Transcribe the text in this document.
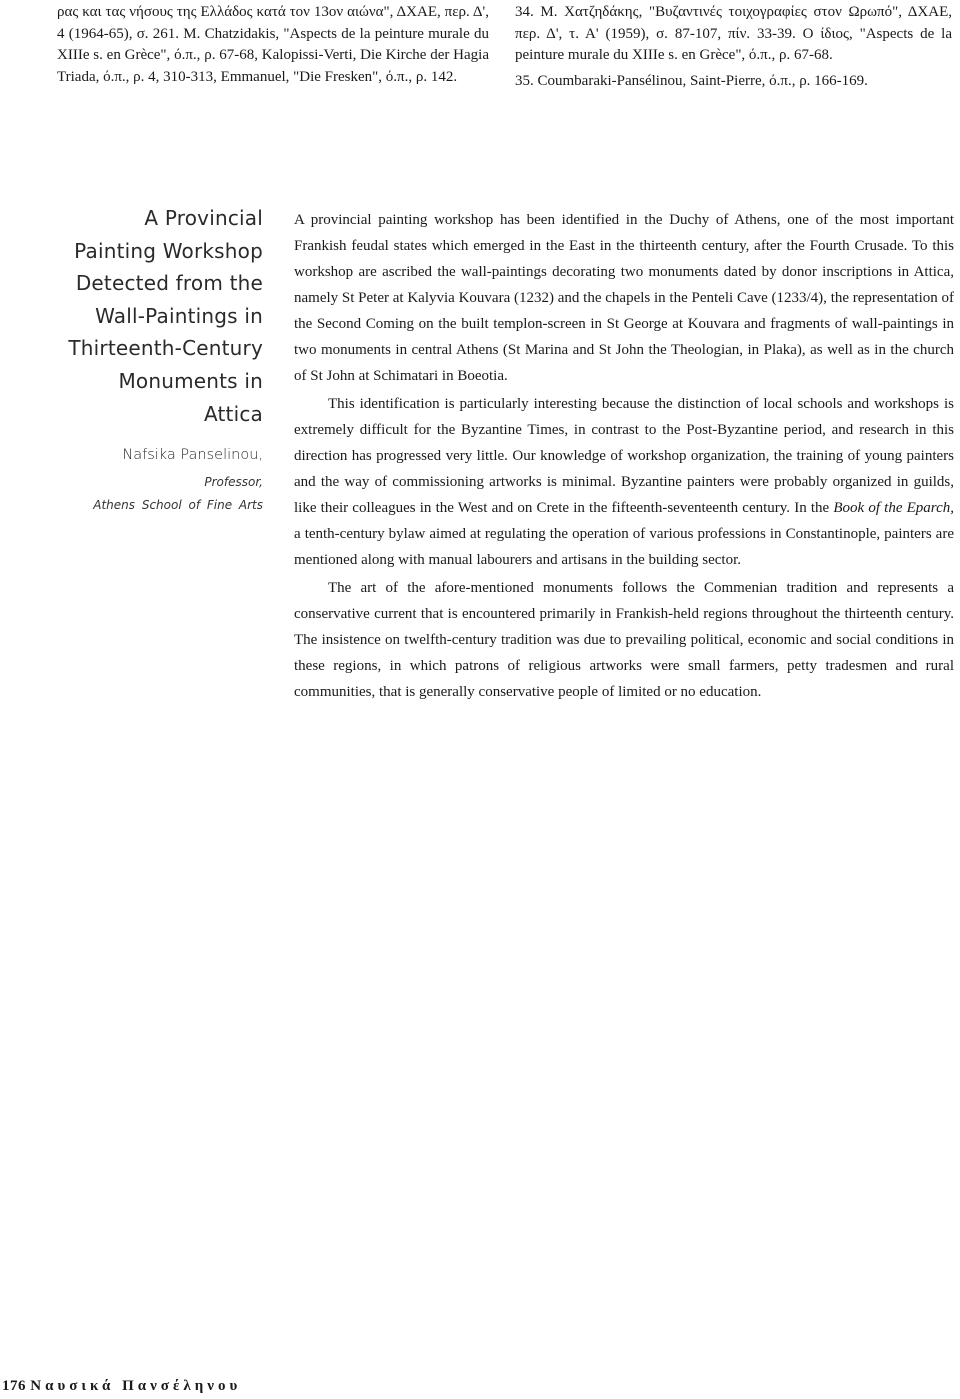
ρας και τας νήσους της Ελλάδος κατά τον 13ον αιώνα", ΔΧΑΕ, περ. Δ', 4 (1964-65), σ. 261. Μ. Chatzidakis, "Aspects de la peinture murale du XIIIe s. en Grèce", ό.π., ρ. 67-68, Kalopissi-Verti, Die Kirche der Hagia Triada, ό.π., ρ. 4, 310-313, Emmanuel, "Die Fresken", ό.π., ρ. 142.

34. Μ. Χατζηδάκης, "Βυζαντινές τοιχογραφίες στον Ωρωπό", ΔΧΑΕ, περ. Δ', τ. Α' (1959), σ. 87-107, πίν. 33-39. Ο ίδιος, "Aspects de la peinture murale du XIIIe s. en Grèce", ό.π., ρ. 67-68.

35. Coumbaraki-Pansélinou, Saint-Pierre, ό.π., ρ. 166-169.

A Provincial Painting Workshop Detected from the Wall-Paintings in Thirteenth-Century Monuments in Attica

Nafsika Panselinou,

Professor,

Athens School of Fine Arts

A provincial painting workshop has been identified in the Duchy of Athens, one of the most important Frankish feudal states which emerged in the East in the thirteenth century, after the Fourth Crusade. To this workshop are ascribed the wall-paintings decorating two monuments dated by donor inscriptions in Attica, namely St Peter at Kalyvia Kouvara (1232) and the chapels in the Penteli Cave (1233/4), the representation of the Second Coming on the built templon-screen in St George at Kouvara and fragments of wall-paintings in two monuments in central Athens (St Marina and St John the Theologian, in Plaka), as well as in the church of St John at Schimatari in Boeotia.

This identification is particularly interesting because the distinction of local schools and workshops is extremely difficult for the Byzantine Times, in contrast to the Post-Byzantine period, and research in this direction has progressed very little. Our knowledge of workshop organization, the training of young painters and the way of commissioning artworks is minimal. Byzantine painters were probably organized in guilds, like their colleagues in the West and on Crete in the fifteenth-seventeenth century. In the Book of the Eparch, a tenth-century bylaw aimed at regulating the operation of various professions in Constantinople, painters are mentioned along with manual labourers and artisans in the building sector.

The art of the afore-mentioned monuments follows the Commenian tradition and represents a conservative current that is encountered primarily in Frankish-held regions throughout the thirteenth century. The insistence on twelfth-century tradition was due to prevailing political, economic and social conditions in these regions, in which patrons of religious artworks were small farmers, petty tradesmen and rural communities, that is generally conservative people of limited or no education.

176 Ναυσικά Πανσέληνου
